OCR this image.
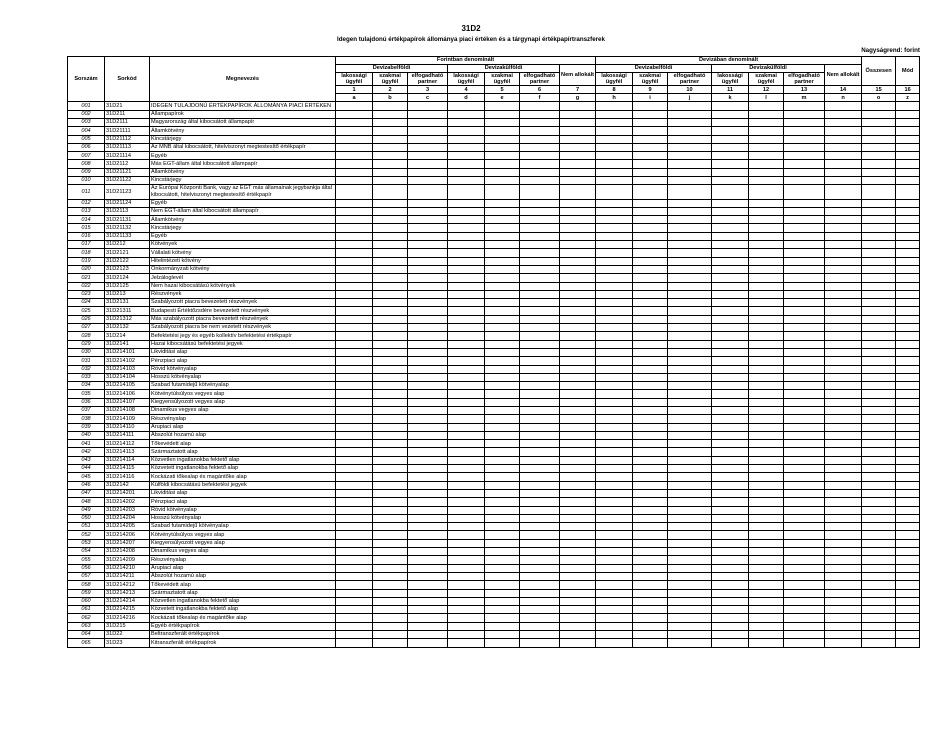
31D2
Idegen tulajdonú értékpapírok állománya piaci értéken és a tárgynapi értékpapírtranszferek
Nagyságrend: forint
Sorszám	Sorkód	Megnevezés	Forintban denominált							Devizában denominált							Összesen	Mód
			Devizabelföldi			Devizakülföldi			Nem allokált	Devizabelföldi			Devizakülföldi			Nem allokált		
			lakossági ügyfél	szakmai ügyfél	elfogadható partner	lakossági ügyfél	szakmai ügyfél	elfogadható partner		lakossági ügyfél	szakmai ügyfél	elfogadható partner	lakossági ügyfél	szakmai ügyfél	elfogadható partner			
			1	2	3	4	5	6	7	8	9	10	11	12	13	14	15	16
			a	b	c	d	e	f	g	h	i	j	k	l	m	n	o	z
001	31D21	IDEGEN TULAJDONÚ ÉRTÉKPAPÍROK ÁLLOMÁNYA PIACI ÉRTÉKEN																
002	31D211	Állampapírok																
003	31D2111	Magyarország által kibocsátott állampapír																
004	31D21111	Államkötvény																
005	31D21112	Kincstárjegy																
006	31D21113	Az MNB által kibocsátott, hitelviszonyt megtestesítő értékpapír																
007	31D21114	Egyéb																
008	31D2112	Más EGT-állam által kibocsátott állampapír																
009	31D21121	Államkötvény																
010	31D21122	Kincstárjegy																
011	31D21123	Az Európai Központi Bank, vagy az EGT más államainak jegybankja által kibocsátott, hitelviszonyt megtestesítő értékpapír																
012	31D21124	Egyéb																
013	31D2113	Nem EGT-állam által kibocsátott állampapír																
014	31D21131	Államkötvény																
015	31D21132	Kincstárjegy																
016	31D21133	Egyéb																
017	31D212	Kötvények																
018	31D2121	Vállalati kötvény																
019	31D2122	Hitelintézeti kötvény																
020	31D2123	Önkormányzati kötvény																
021	31D2124	Jelzáloglevél																
022	31D2125	Nem hazai kibocsátású kötvények																
023	31D213	Részvények																
024	31D2131	Szabályozott piacra bevezetett részvények																
025	31D21311	Budapesti Értéktőzsdére bevezetett részvények																
026	31D21312	Más szabályozott piacra bevezetett részvények																
027	31D2132	Szabályozott piacra be nem vezetett részvények																
028	31D214	Befektetési jegy és egyéb kollektív befektetési értékpapír																
029	31D2141	Hazai kibocsátású befektetési jegyek																
030	31D214101	Likviditási alap																
031	31D214102	Pénzpiaci alap																
032	31D214103	Rövid kötvényalap																
033	31D214104	Hosszú kötvényalap																
034	31D214105	Szabad futamidejű kötvényalap																
035	31D214106	Kötvénytúlsúlyos vegyes alap																
036	31D214107	Kiegyensúlyozott vegyes alap																
037	31D214108	Dinamikus vegyes alap																
038	31D214109	Részvényalap																
039	31D214110	Árupiaci alap																
040	31D214111	Abszolút hozamú alap																
041	31D214112	Tőkevédett alap																
042	31D214113	Származtatott alap																
043	31D214114	Közvetlen ingatlanokba fektető alap																
044	31D214115	Közvetett ingatlanokba fektető alap																
045	31D214116	Kockázati tőkealap és magántőke alap																
046	31D2142	Külföldi kibocsátású befektetési jegyek																
047	31D214201	Likviditási alap																
048	31D214202	Pénzpiaci alap																
049	31D214203	Rövid kötvényalap																
050	31D214204	Hosszú kötvényalap																
051	31D214205	Szabad futamidejű kötvényalap																
052	31D214206	Kötvénytúlsúlyos vegyes alap																
053	31D214207	Kiegyensúlyozott vegyes alap																
054	31D214208	Dinamikus vegyes alap																
055	31D214209	Részvényalap																
056	31D214210	Árupiaci alap																
057	31D214211	Abszolút hozamú alap																
058	31D214212	Tőkevédett alap																
059	31D214213	Származtatott alap																
060	31D214214	Közvetlen ingatlanokba fektető alap																
061	31D214215	Közvetett ingatlanokba fektető alap																
062	31D214216	Kockázati tőkealap és magántőke alap																
063	31D215	Egyéb értékpapírok																
064	31D22	Beltranszferált értékpapírok																
065	31D23	Kitranszferált értékpapírok																
